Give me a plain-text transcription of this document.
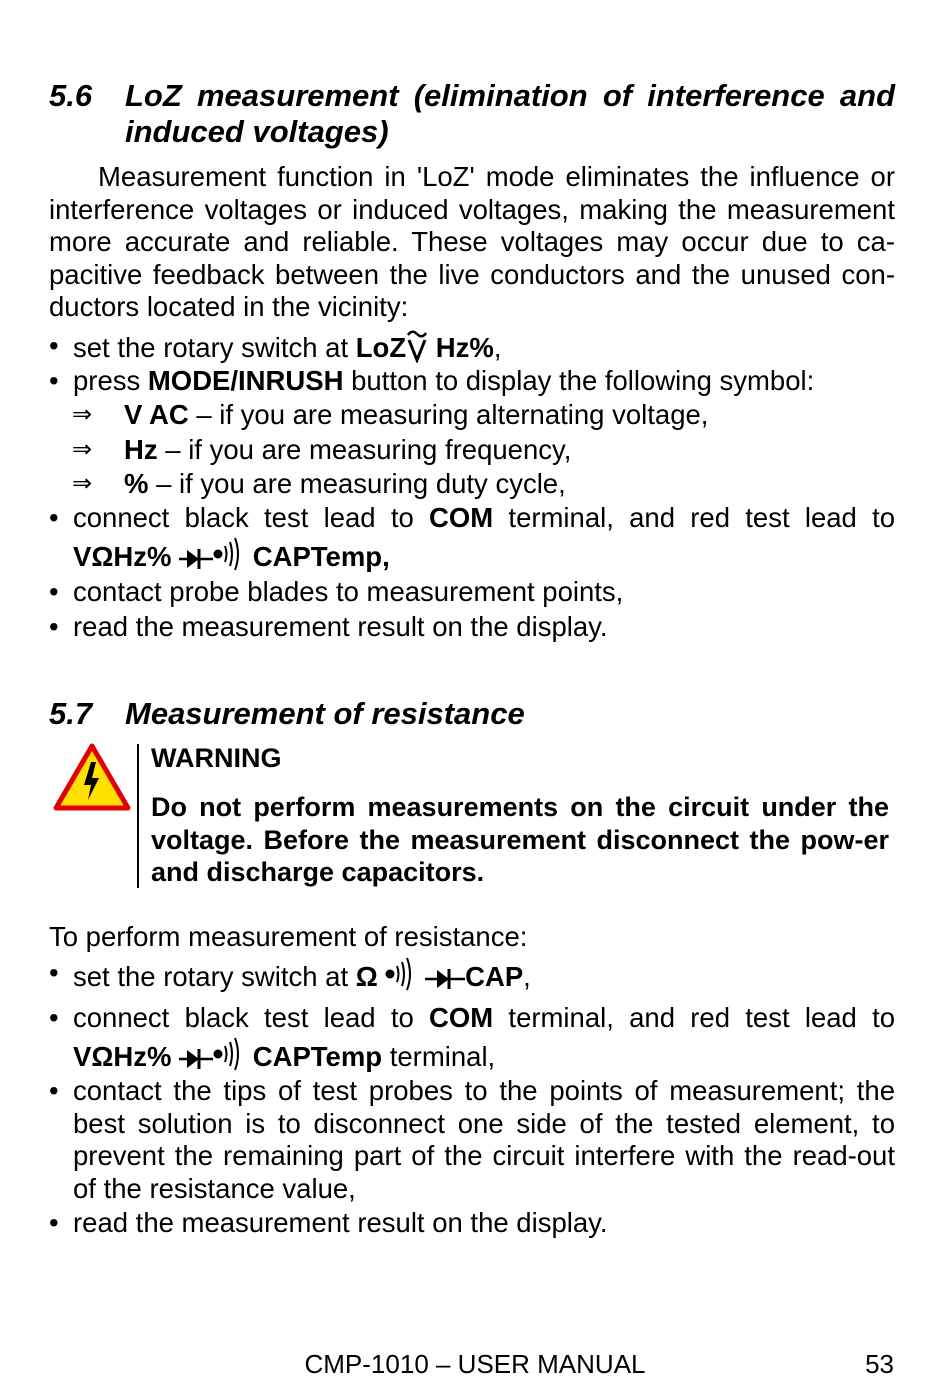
5.6 LoZ measurement (elimination of interference and induced voltages)
Measurement function in 'LoZ' mode eliminates the influence or interference voltages or induced voltages, making the measurement more accurate and reliable. These voltages may occur due to ca-pacitive feedback between the live conductors and the unused con-ductors located in the vicinity:
• set the rotary switch at LoZ Hz%,
• press MODE/INRUSH button to display the following symbol:
⇒ V AC – if you are measuring alternating voltage,
⇒ Hz – if you are measuring frequency,
⇒ % – if you are measuring duty cycle,
• connect black test lead to COM terminal, and red test lead to
VΩHz%	CAPTemp,
• contact probe blades to measurement points,
• read the measurement result on the display.
5.7 Measurement of resistance
WARNING
Do not perform measurements on the circuit under the voltage. Before the measurement disconnect the pow-er and discharge capacitors.
To perform measurement of resistance:
• set the rotary switch at Ω	CAP,
• connect black test lead to COM terminal, and red test lead to
VΩHz%	CAPTemp terminal,
• contact the tips of test probes to the points of measurement; the best solution is to disconnect one side of the tested element, to prevent the remaining part of the circuit interfere with the read-out of the resistance value,
• read the measurement result on the display.
CMP-1010 – USER MANUAL	53
